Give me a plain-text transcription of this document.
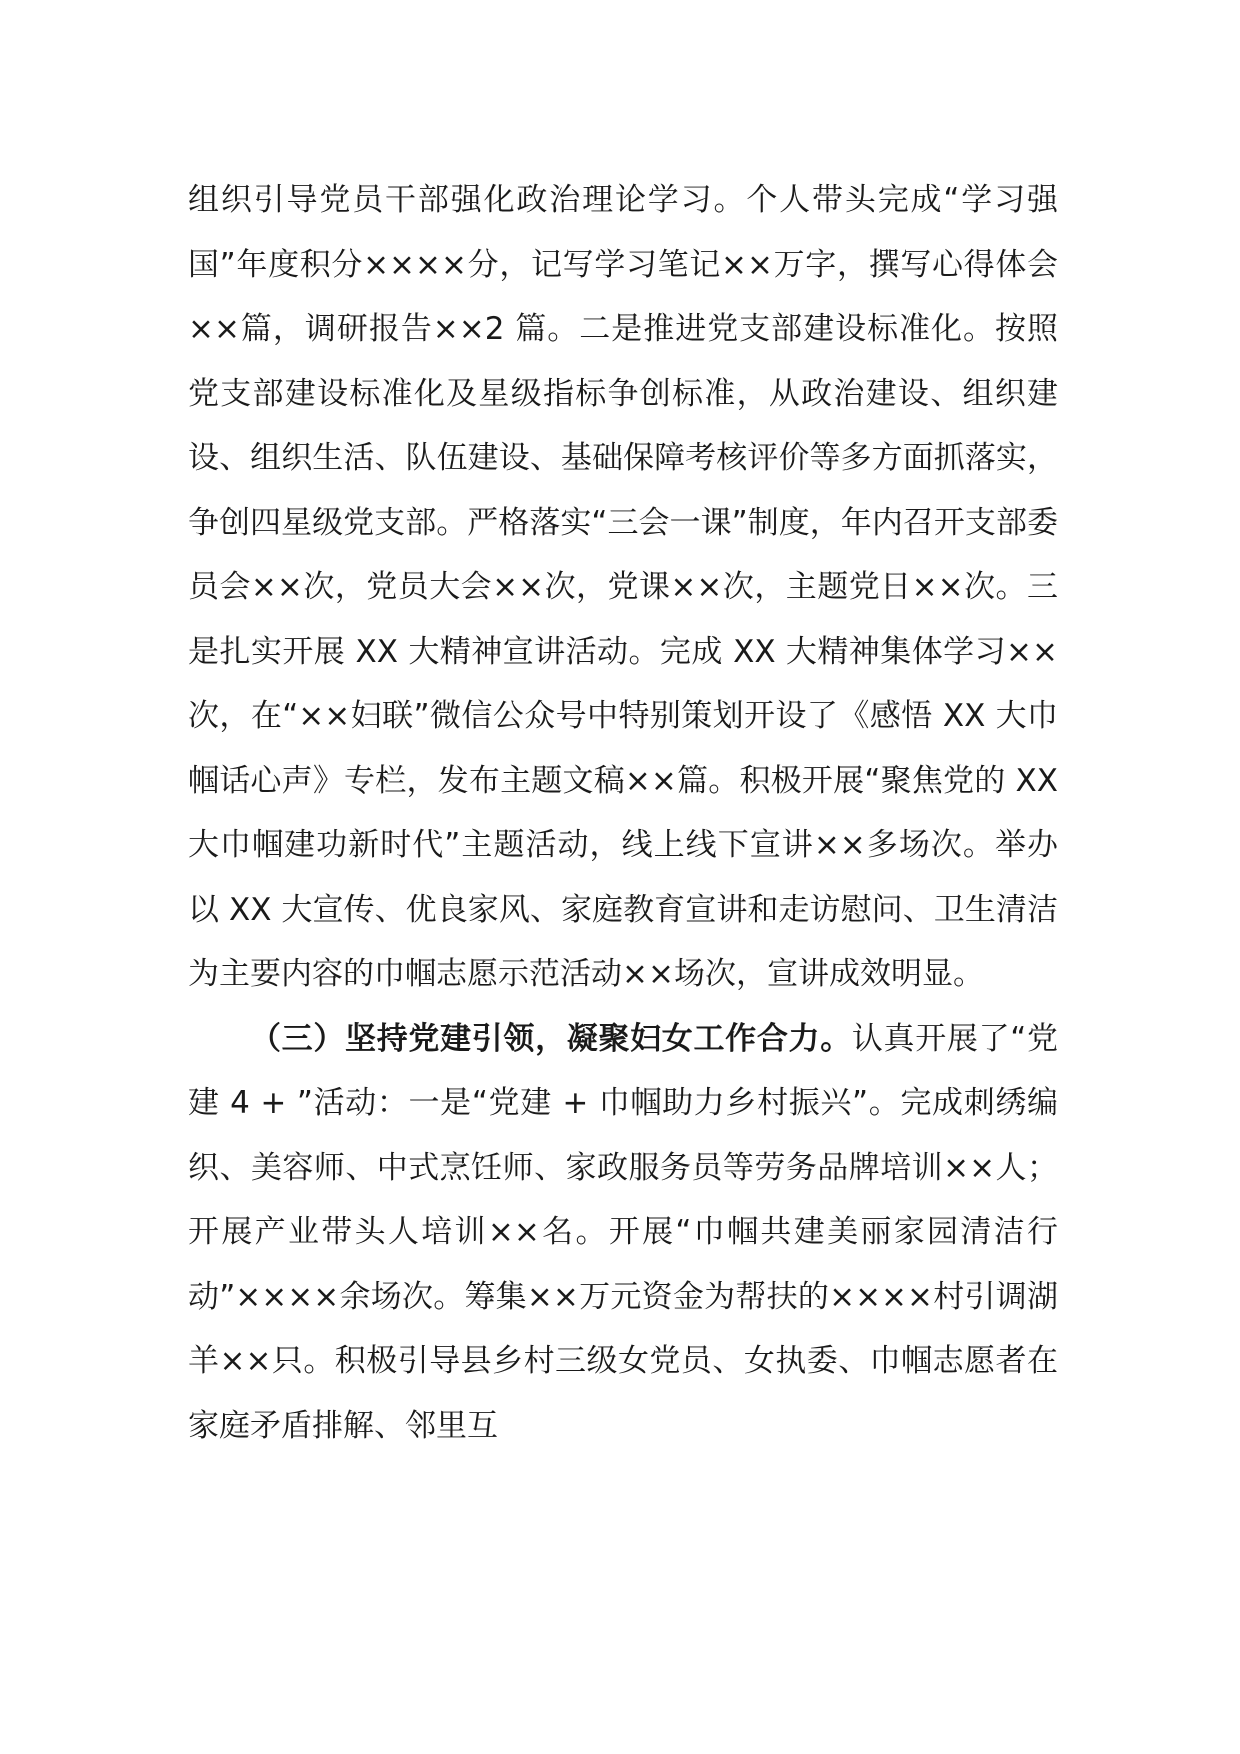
组织引导党员干部强化政治理论学习。个人带头完成“学习强国”年度积分××××分，记写学习笔记××万字，撰写心得体会××篇，调研报告××2 篇。二是推进党支部建设标准化。按照党支部建设标准化及星级指标争创标准，从政治建设、组织建设、组织生活、队伍建设、基础保障考核评价等多方面抓落实，争创四星级党支部。严格落实“三会一课”制度，年内召开支部委员会××次，党员大会××次，党课××次，主题党日××次。三是扎实开展 XX 大精神宣讲活动。完成 XX 大精神集体学习××次，在“××妇联”微信公众号中特别策划开设了《感悟 XX 大巾帼话心声》专栏，发布主题文稿××篇。积极开展“聚焦党的 XX 大巾帼建功新时代”主题活动，线上线下宣讲××多场次。举办以 XX 大宣传、优良家风、家庭教育宣讲和走访慰问、卫生清洁为主要内容的巾帼志愿示范活动××场次，宣讲成效明显。

（三）坚持党建引领，凝聚妇女工作合力。认真开展了“党建 4 + ”活动：一是“党建 + 巾帼助力乡村振兴”。完成刺绣编织、美容师、中式烹饪师、家政服务员等劳务品牌培训××人；开展产业带头人培训××名。开展“巾帼共建美丽家园清洁行动”××××余场次。筹集××万元资金为帮扶的××××村引调湖羊××只。积极引导县乡村三级女党员、女执委、巾帼志愿者在家庭矛盾排解、邻里互
